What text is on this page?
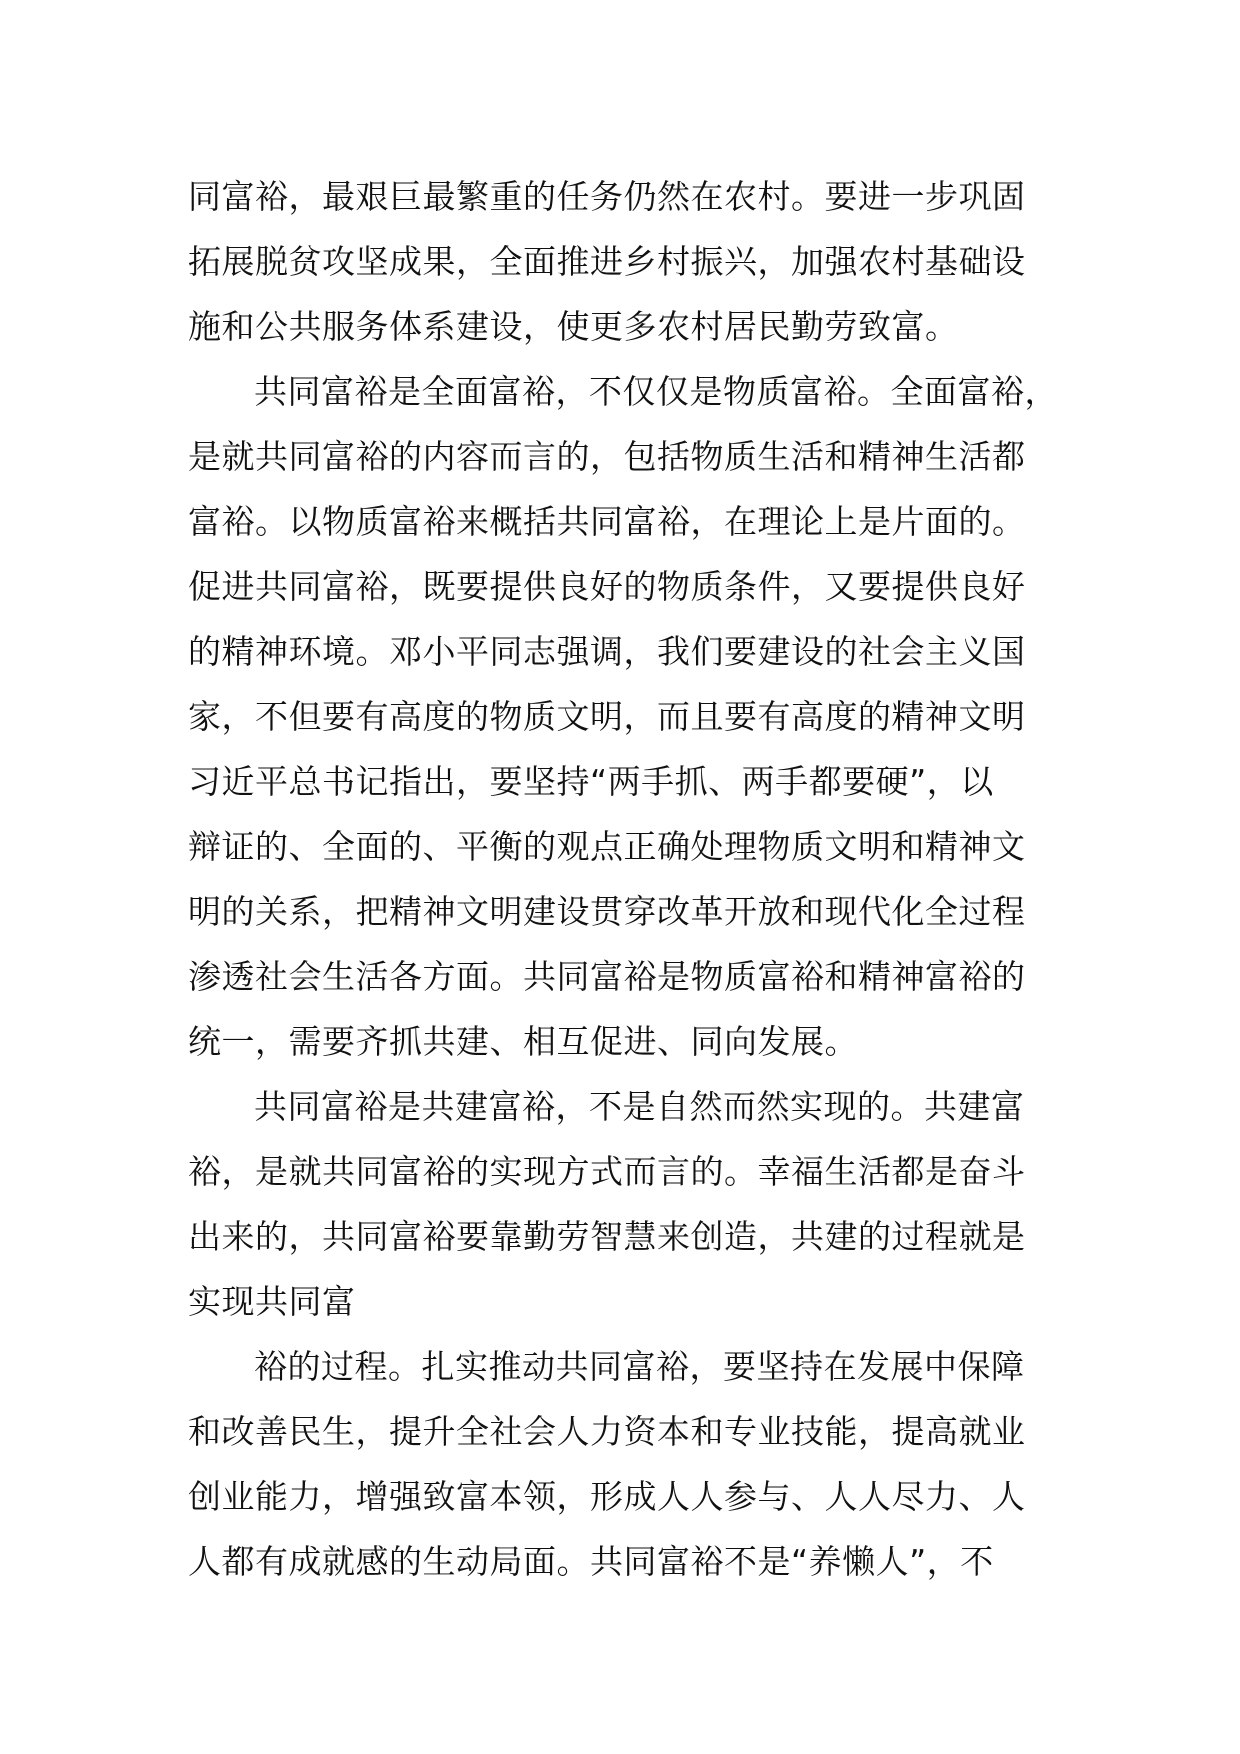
同富裕，最艰巨最繁重的任务仍然在农村。要进一步巩固
拓展脱贫攻坚成果，全面推进乡村振兴，加强农村基础设
施和公共服务体系建设，使更多农村居民勤劳致富。
共同富裕是全面富裕，不仅仅是物质富裕。全面富裕，
是就共同富裕的内容而言的，包括物质生活和精神生活都
富裕。以物质富裕来概括共同富裕，在理论上是片面的。
促进共同富裕，既要提供良好的物质条件，又要提供良好
的精神环境。邓小平同志强调，我们要建设的社会主义国
家，不但要有高度的物质文明，而且要有高度的精神文明
习近平总书记指出，要坚持“两手抓、两手都要硬”，以
辩证的、全面的、平衡的观点正确处理物质文明和精神文
明的关系，把精神文明建设贯穿改革开放和现代化全过程
渗透社会生活各方面。共同富裕是物质富裕和精神富裕的
统一，需要齐抓共建、相互促进、同向发展。
共同富裕是共建富裕，不是自然而然实现的。共建富
裕，是就共同富裕的实现方式而言的。幸福生活都是奋斗
出来的，共同富裕要靠勤劳智慧来创造，共建的过程就是
实现共同富
裕的过程。扎实推动共同富裕，要坚持在发展中保障
和改善民生，提升全社会人力资本和专业技能，提高就业
创业能力，增强致富本领，形成人人参与、人人尽力、人
人都有成就感的生动局面。共同富裕不是“养懒人”，不
